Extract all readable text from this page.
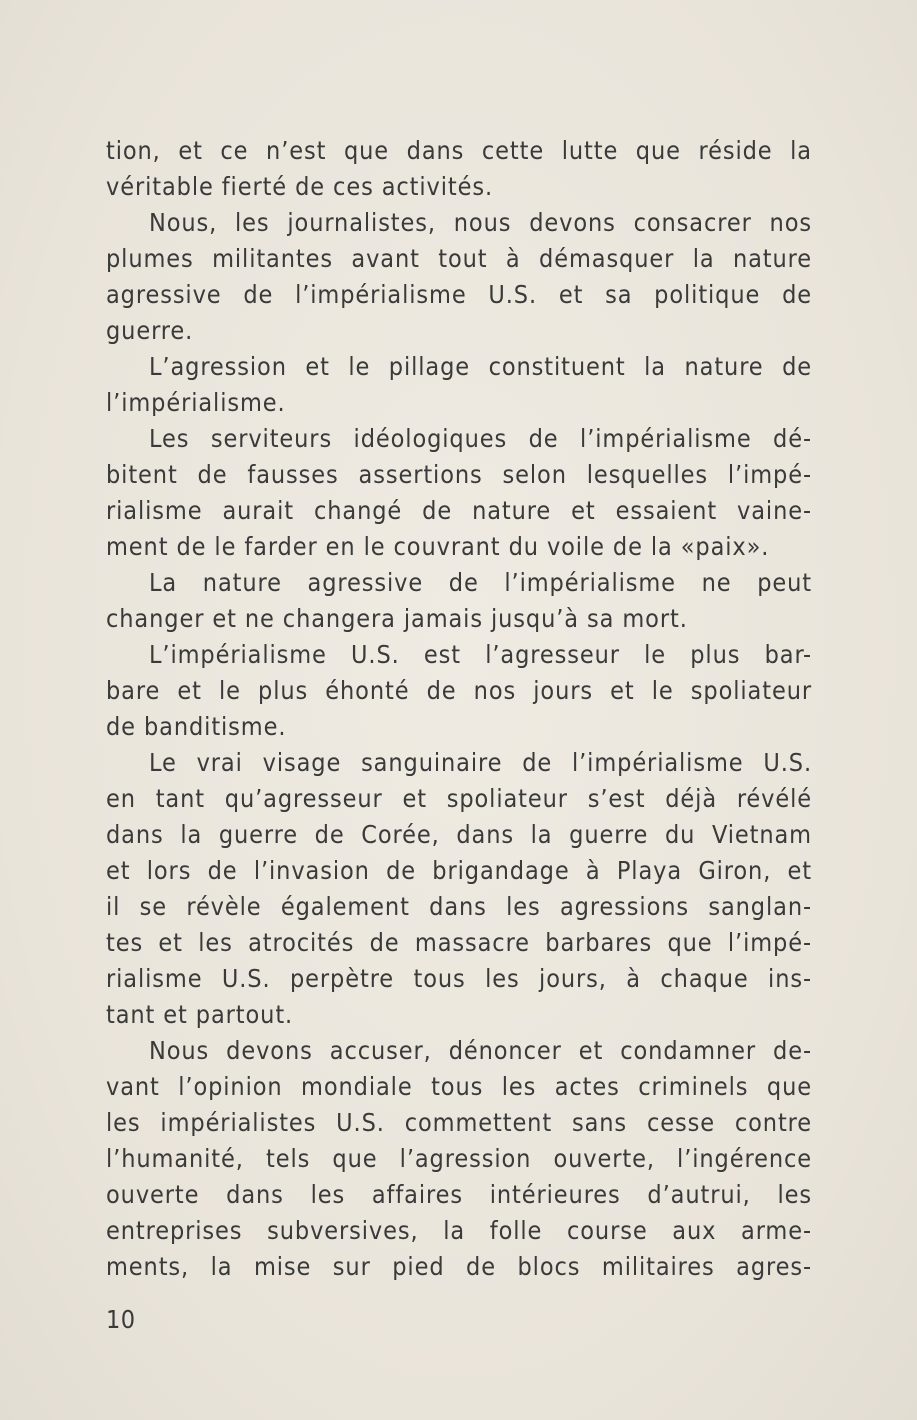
tion, et ce n’est que dans cette lutte que réside la
véritable fierté de ces activités.
Nous, les journalistes, nous devons consacrer nos
plumes militantes avant tout à démasquer la nature
agressive de l’impérialisme U.S. et sa politique de
guerre.
L’agression et le pillage constituent la nature de
l’impérialisme.
Les serviteurs idéologiques de l’impérialisme dé-
bitent de fausses assertions selon lesquelles l’impé-
rialisme aurait changé de nature et essaient vaine-
ment de le farder en le couvrant du voile de la «paix».
La nature agressive de l’impérialisme ne peut
changer et ne changera jamais jusqu’à sa mort.
L’impérialisme U.S. est l’agresseur le plus bar-
bare et le plus éhonté de nos jours et le spoliateur
de banditisme.
Le vrai visage sanguinaire de l’impérialisme U.S.
en tant qu’agresseur et spoliateur s’est déjà révélé
dans la guerre de Corée, dans la guerre du Vietnam
et lors de l’invasion de brigandage à Playa Giron, et
il se révèle également dans les agressions sanglan-
tes et les atrocités de massacre barbares que l’impé-
rialisme U.S. perpètre tous les jours, à chaque ins-
tant et partout.
Nous devons accuser, dénoncer et condamner de-
vant l’opinion mondiale tous les actes criminels que
les impérialistes U.S. commettent sans cesse contre
l’humanité, tels que l’agression ouverte, l’ingérence
ouverte dans les affaires intérieures d’autrui, les
entreprises subversives, la folle course aux arme-
ments, la mise sur pied de blocs militaires agres-
10
